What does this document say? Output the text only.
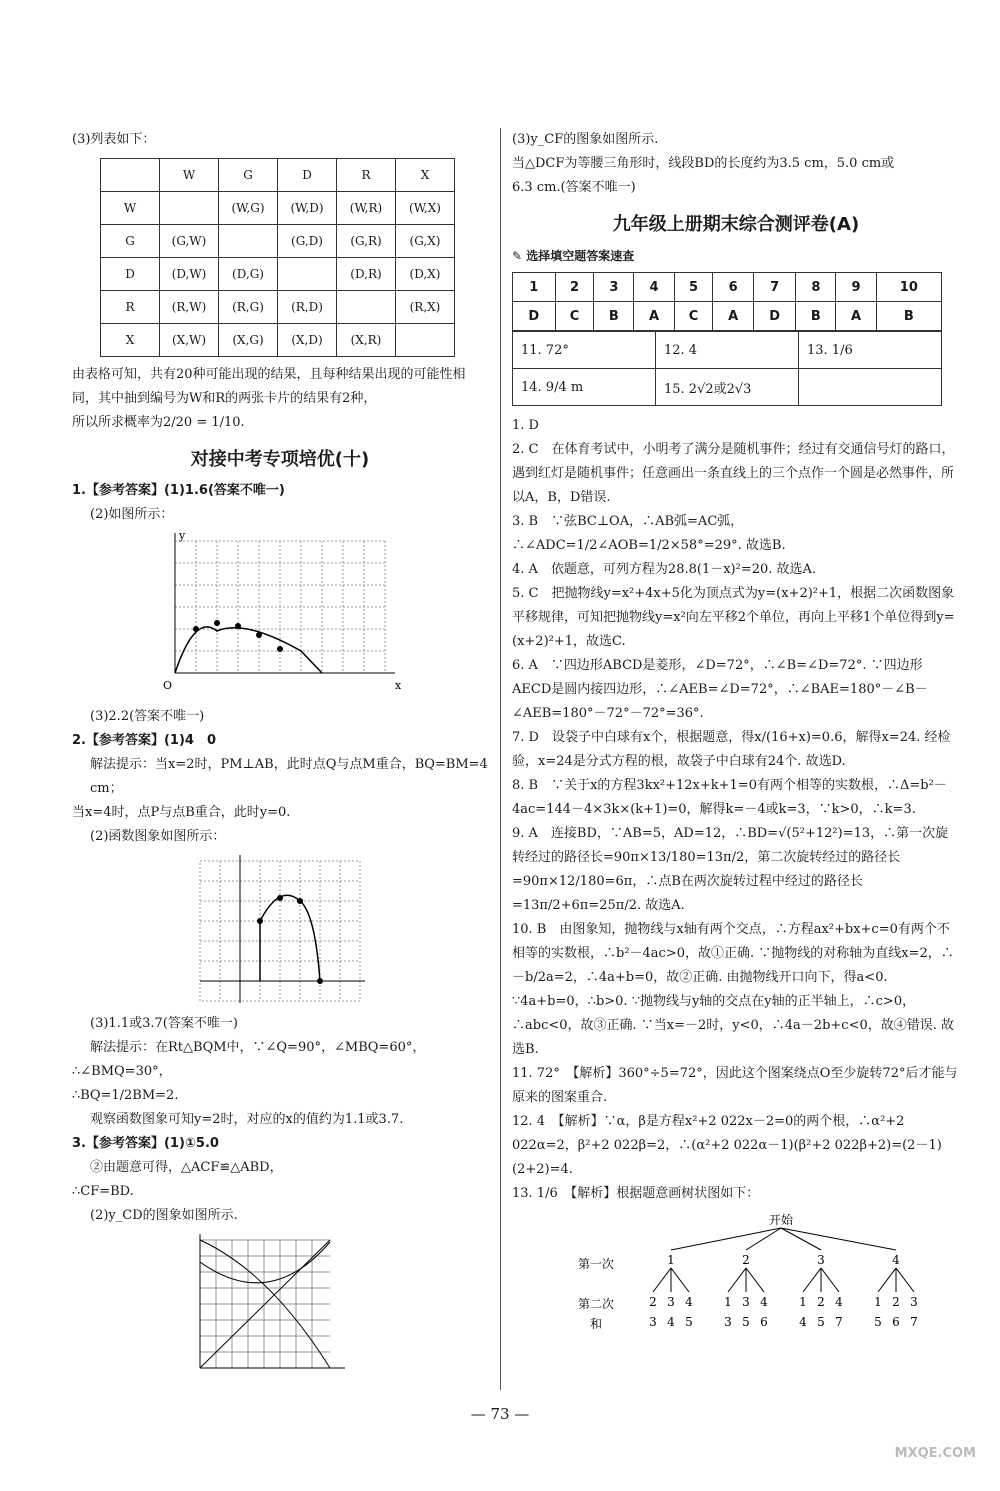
(3)列表如下：

	W	G	D	R	X
W		(W,G)	(W,D)	(W,R)	(W,X)
G	(G,W)		(G,D)	(G,R)	(G,X)
D	(D,W)	(D,G)		(D,R)	(D,X)
R	(R,W)	(R,G)	(R,D)		(R,X)
X	(X,W)	(X,G)	(X,D)	(X,R)	

由表格可知，共有20种可能出现的结果，且每种结果出现的可能性相

同，其中抽到编号为W和R的两张卡片的结果有2种，

所以所求概率为2/20 = 1/10.

对接中考专项培优(十)

1.【参考答案】(1)1.6(答案不唯一)

(2)如图所示：

O	x
y

(3)2.2(答案不唯一)

2.【参考答案】(1)4　0

解法提示：当x=2时，PM⊥AB，此时点Q与点M重合，BQ=BM=4 cm；

当x=4时，点P与点B重合，此时y=0.

(2)函数图象如图所示：

(3)1.1或3.7(答案不唯一)

解法提示：在Rt△BQM中，∵∠Q=90°，∠MBQ=60°，

∴∠BMQ=30°，

∴BQ=1/2BM=2.

观察函数图象可知y=2时，对应的x的值约为1.1或3.7.

3.【参考答案】(1)①5.0

②由题意可得，△ACF≌△ABD，

∴CF=BD.

(2)y_CD的图象如图所示.

(3)y_CF的图象如图所示.

当△DCF为等腰三角形时，线段BD的长度约为3.5 cm，5.0 cm或

6.3 cm.(答案不唯一)

九年级上册期末综合测评卷(A)

✎ 选择填空题答案速查

1	2	3	4	5	6	7	8	9	10
D	C	B	A	C	A	D	B	A	B
11. 72°	12. 4	13. 1/6
14. 9/4 m	15. 2√2或2√3	

1. D

2. C　在体育考试中，小明考了满分是随机事件；经过有交通信号灯的路口，遇到红灯是随机事件；任意画出一条直线上的三个点作一个圆是必然事件，所以A，B，D错误.

3. B　∵弦BC⊥OA，∴AB弧=AC弧，∴∠ADC=1/2∠AOB=1/2×58°=29°. 故选B.

4. A　依题意，可列方程为28.8(1－x)²=20. 故选A.

5. C　把抛物线y=x²+4x+5化为顶点式为y=(x+2)²+1，根据二次函数图象平移规律，可知把抛物线y=x²向左平移2个单位，再向上平移1个单位得到y=(x+2)²+1，故选C.

6. A　∵四边形ABCD是菱形，∠D=72°，∴∠B=∠D=72°. ∵四边形AECD是圆内接四边形，∴∠AEB=∠D=72°，∴∠BAE=180°－∠B－∠AEB=180°－72°－72°=36°.

7. D　设袋子中白球有x个，根据题意，得x/(16+x)=0.6，解得x=24. 经检验，x=24是分式方程的根，故袋子中白球有24个. 故选D.

8. B　∵关于x的方程3kx²+12x+k+1=0有两个相等的实数根，∴Δ=b²－4ac=144－4×3k×(k+1)=0，解得k=－4或k=3，∵k>0，∴k=3.

9. A　连接BD，∵AB=5，AD=12，∴BD=√(5²+12²)=13，∴第一次旋转经过的路径长=90π×13/180=13π/2，第二次旋转经过的路径长=90π×12/180=6π，∴点B在两次旋转过程中经过的路径长=13π/2+6π=25π/2. 故选A.

10. B　由图象知，抛物线与x轴有两个交点，∴方程ax²+bx+c=0有两个不相等的实数根，∴b²－4ac>0，故①正确. ∵抛物线的对称轴为直线x=2，∴－b/2a=2，∴4a+b=0，故②正确. 由抛物线开口向下，得a<0. ∵4a+b=0，∴b>0. ∵抛物线与y轴的交点在y轴的正半轴上，∴c>0，∴abc<0，故③正确. ∵当x=－2时，y<0，∴4a－2b+c<0，故④错误. 故选B.

11. 72°　【解析】360°÷5=72°，因此这个图案绕点O至少旋转72°后才能与原来的图案重合.

12. 4　【解析】∵α，β是方程x²+2 022x－2=0的两个根，∴α²+2 022α=2，β²+2 022β=2，∴(α²+2 022α－1)(β²+2 022β+2)=(2－1)(2+2)=4.

13. 1/6　【解析】根据题意画树状图如下：

开始
第一次
第二次
和
1
2
3
3
4
4
5
2
1
3
3
5
4
6
3
1
4
2
5
4
7
4
1
5
2
6
3
7
— 73 —
MXQE.COM
